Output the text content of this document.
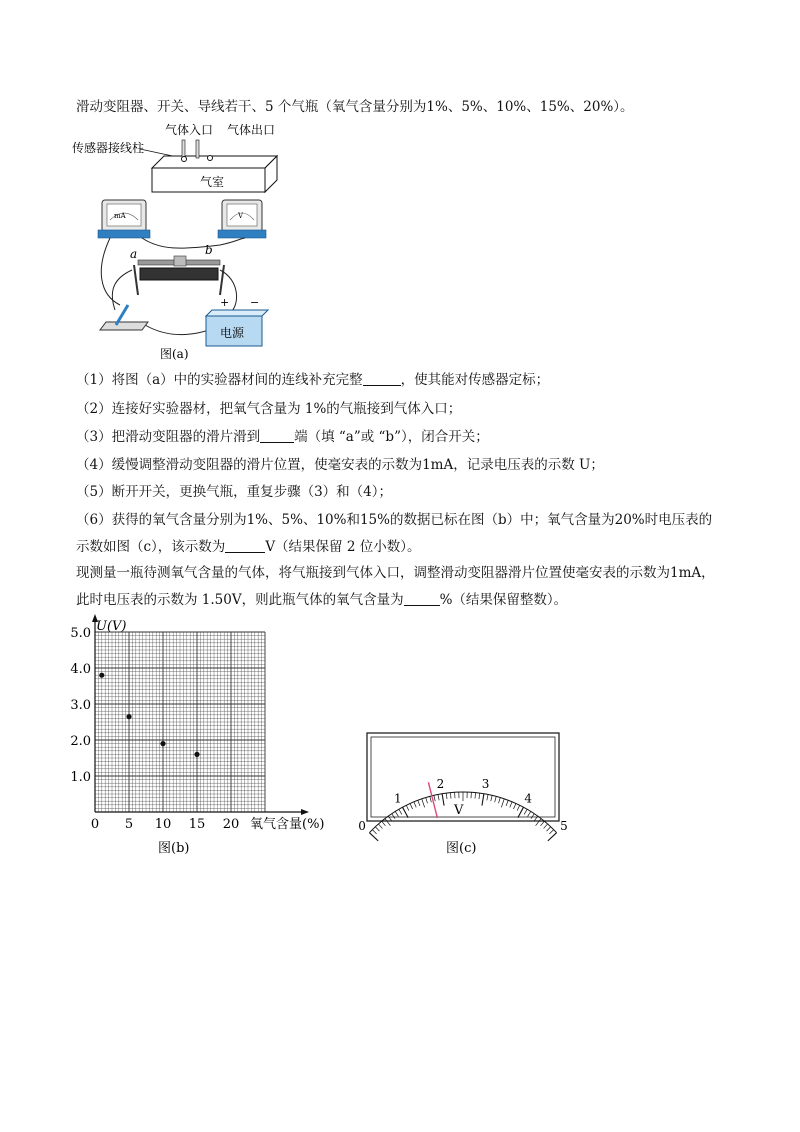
滑动变阻器、开关、导线若干、5 个气瓶（氧气含量分别为1%、5%、10%、15%、20%）。
气体入口 气体出口
传感器接线柱
气室
mA	V
a	b
+ −
电源
图(a)
（1）将图（a）中的实验器材间的连线补充完整	，使其能对传感器定标；
（2）连接好实验器材，把氧气含量为 1%的气瓶接到气体入口；
（3）把滑动变阻器的滑片滑到	端（填 “a”或 “b”），闭合开关；
（4）缓慢调整滑动变阻器的滑片位置，使毫安表的示数为1mA，记录电压表的示数 U；
（5）断开开关，更换气瓶，重复步骤（3）和（4）；
（6）获得的氧气含量分别为1%、5%、10%和15%的数据已标在图（b）中；氧气含量为20%时电压表的
示数如图（c），该示数为	V（结果保留 2 位小数）。
现测量一瓶待测氧气含量的气体，将气瓶接到气体入口，调整滑动变阻器滑片位置使毫安表的示数为1mA，
此时电压表的示数为 1.50V，则此瓶气体的氧气含量为	%（结果保留整数）。
U(V)
氧气含量(%)
图(b)
0 5 10 15 20
1.0
2.0
3.0
4.0
5.0
0
1
2	3
4
5
V
图(c)
